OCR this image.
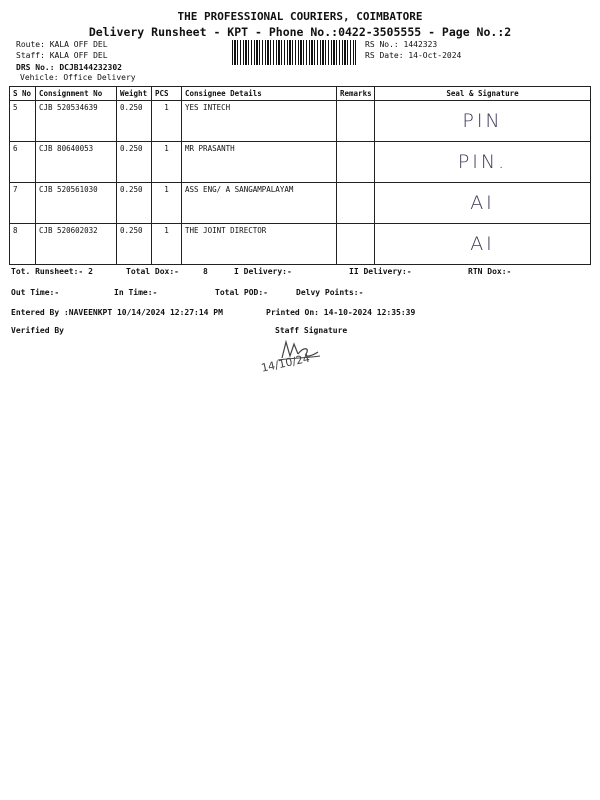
THE PROFESSIONAL COURIERS, COIMBATORE
Delivery Runsheet - KPT - Phone No.:0422-3505555 - Page No.:2
Route: KALA OFF DEL
Staff: KALA OFF DEL
DRS No.: DCJB144232302
Vehicle: Office Delivery
RS No.: 1442323
RS Date: 14-Oct-2024
S No	Consignment No	Weight	PCS	Consignee Details	Remarks	Seal & Signature
5	CJB 520534639	0.250	1	YES INTECH		PIN
6	CJB 80640053	0.250	1	MR PRASANTH		PIN.
7	CJB 520561030	0.250	1	ASS ENG/ A SANGAMPALAYAM		AI
8	CJB 520602032	0.250	1	THE JOINT DIRECTOR		AI
Tot. Runsheet:- 2	Total Dox:-	8	I Delivery:-	II Delivery:-	RTN Dox:-
Out Time:-	In Time:-	Total POD:-	Delvy Points:-
Entered By :NAVEENKPT 10/14/2024 12:27:14 PM	Printed On: 14-10-2024 12:35:39
Verified By	Staff Signature
14/10/24
